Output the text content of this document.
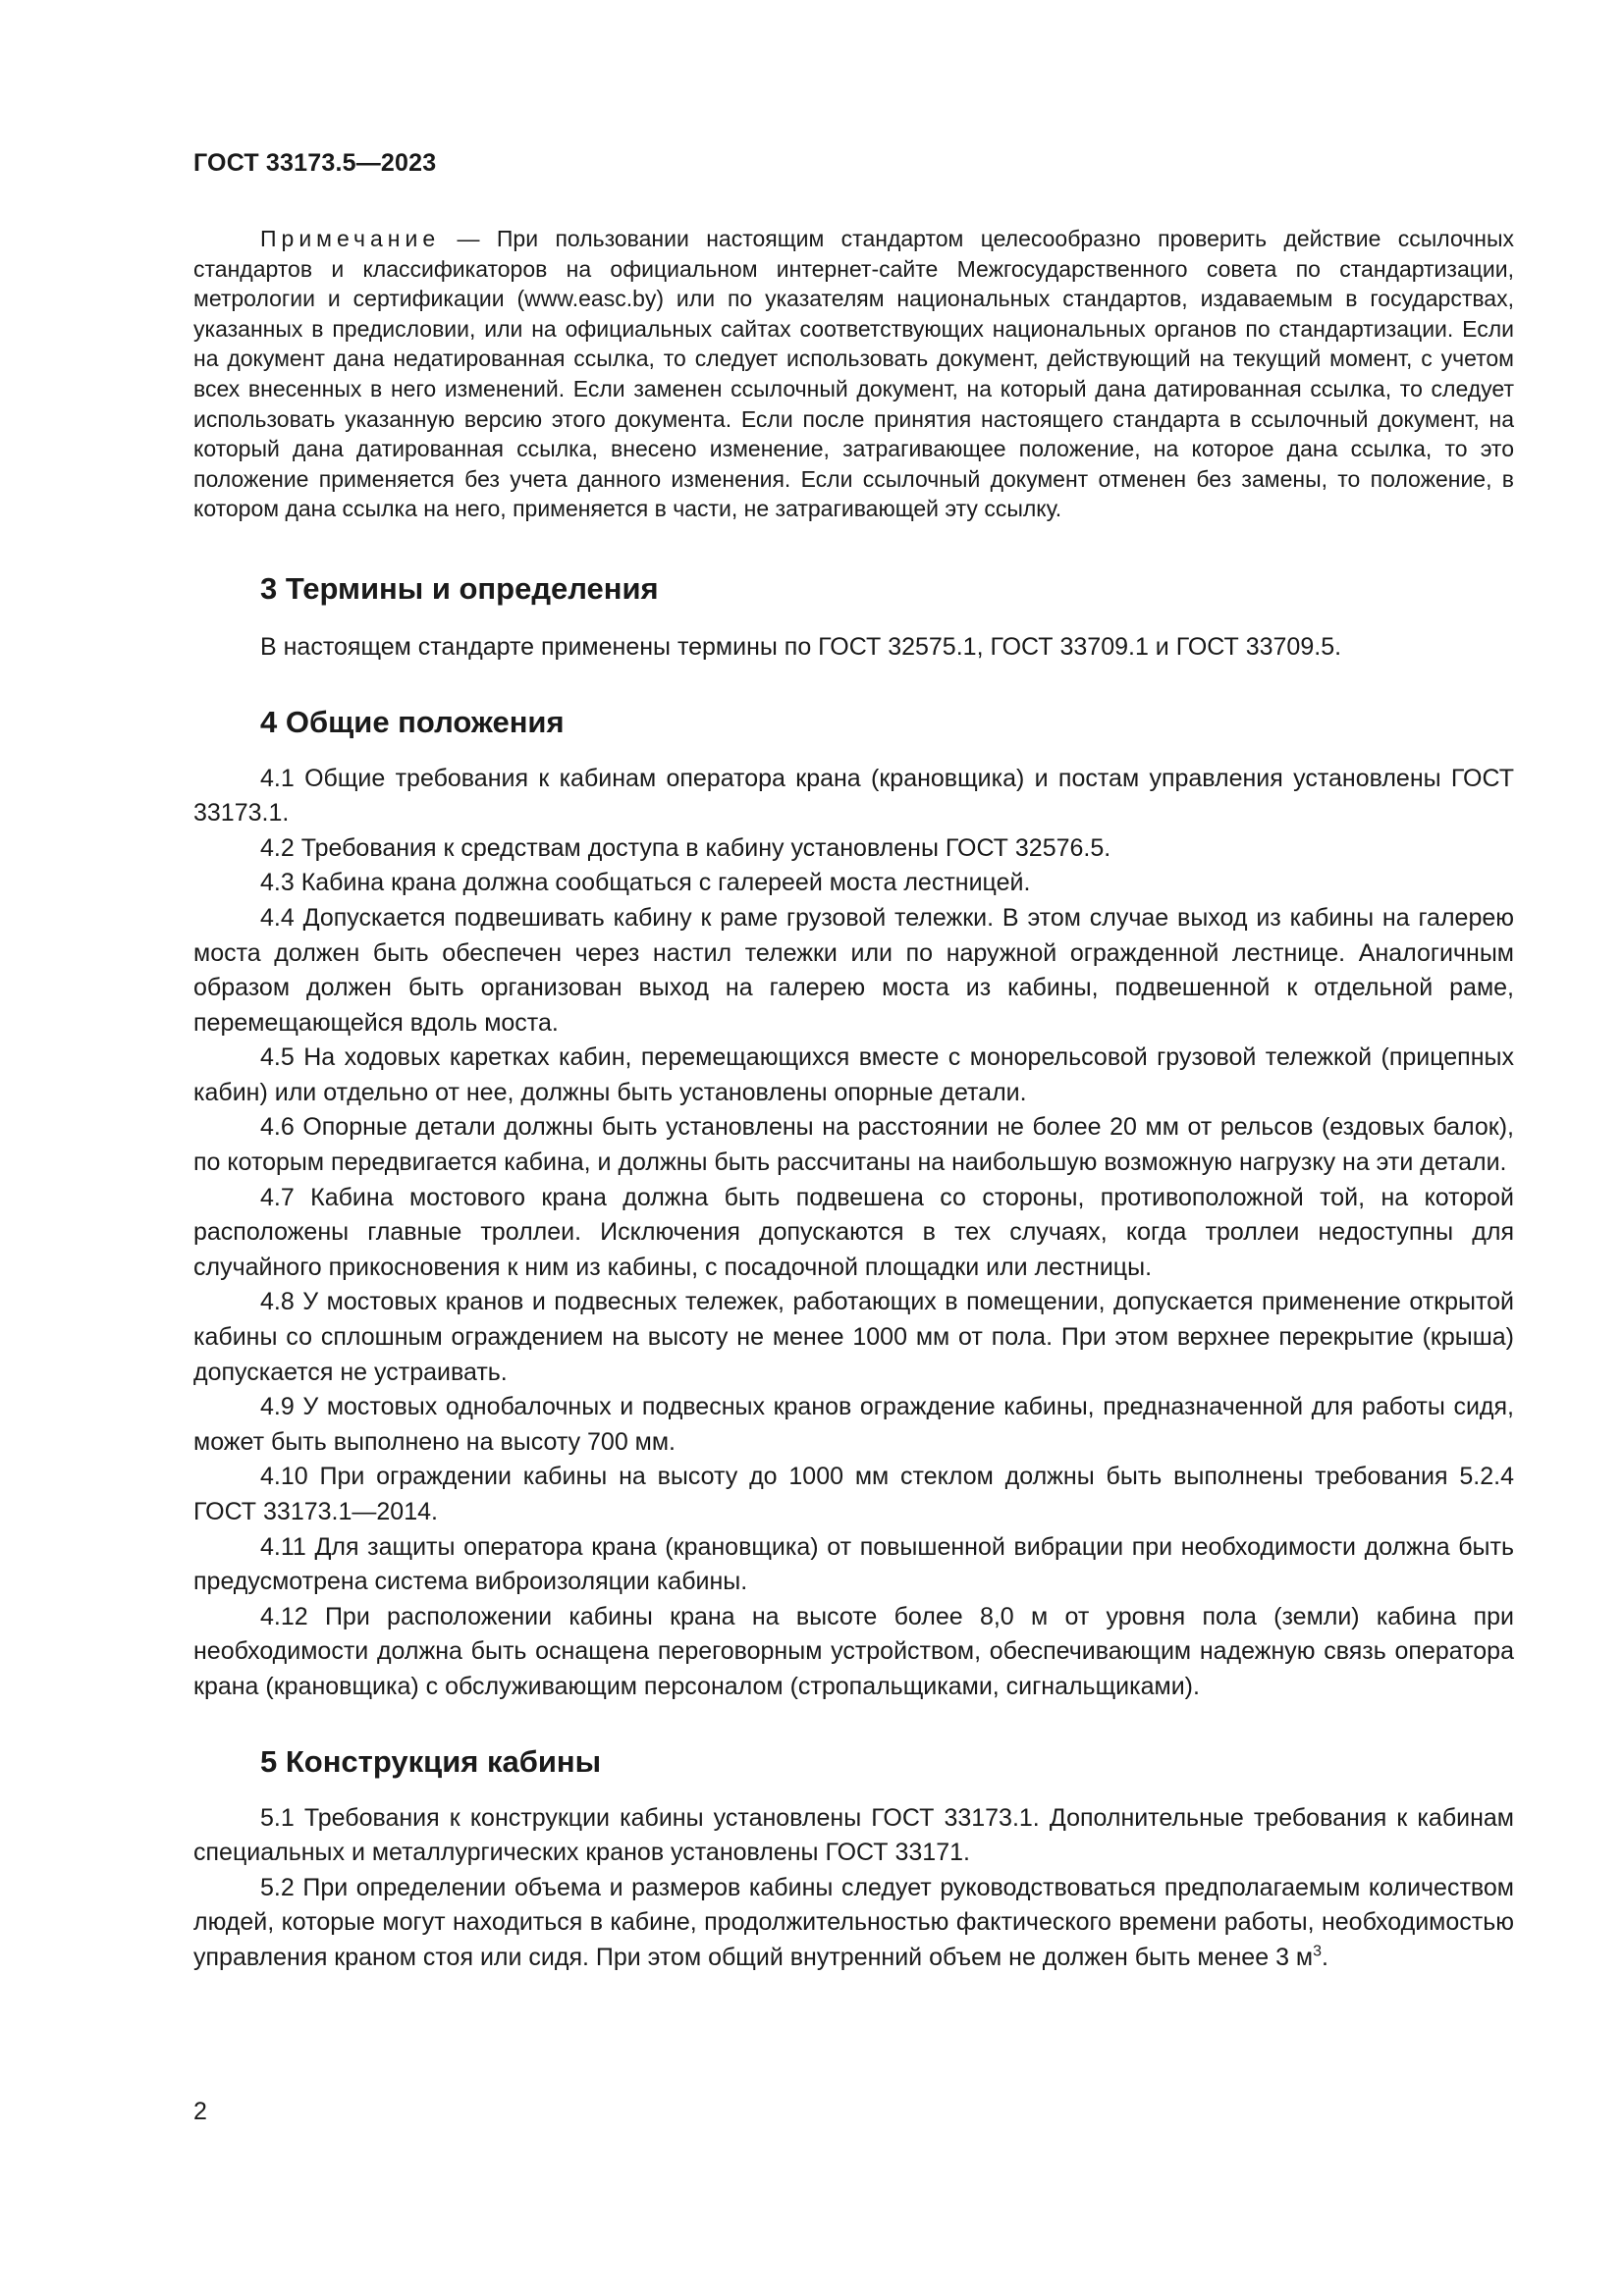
ГОСТ 33173.5—2023

Примечание — При пользовании настоящим стандартом целесообразно проверить действие ссылочных стандартов и классификаторов на официальном интернет-сайте Межгосударственного совета по стандартизации, метрологии и сертификации (www.easc.by) или по указателям национальных стандартов, издаваемым в государствах, указанных в предисловии, или на официальных сайтах соответствующих национальных органов по стандартизации. Если на документ дана недатированная ссылка, то следует использовать документ, действующий на текущий момент, с учетом всех внесенных в него изменений. Если заменен ссылочный документ, на который дана датированная ссылка, то следует использовать указанную версию этого документа. Если после принятия настоящего стандарта в ссылочный документ, на который дана датированная ссылка, внесено изменение, затрагивающее положение, на которое дана ссылка, то это положение применяется без учета данного изменения. Если ссылочный документ отменен без замены, то положение, в котором дана ссылка на него, применяется в части, не затрагивающей эту ссылку.

3 Термины и определения

В настоящем стандарте применены термины по ГОСТ 32575.1, ГОСТ 33709.1 и ГОСТ 33709.5.

4 Общие положения

4.1 Общие требования к кабинам оператора крана (крановщика) и постам управления установлены ГОСТ 33173.1.

4.2 Требования к средствам доступа в кабину установлены ГОСТ 32576.5.

4.3 Кабина крана должна сообщаться с галереей моста лестницей.

4.4 Допускается подвешивать кабину к раме грузовой тележки. В этом случае выход из кабины на галерею моста должен быть обеспечен через настил тележки или по наружной огражденной лестнице. Аналогичным образом должен быть организован выход на галерею моста из кабины, подвешенной к отдельной раме, перемещающейся вдоль моста.

4.5 На ходовых каретках кабин, перемещающихся вместе с монорельсовой грузовой тележкой (прицепных кабин) или отдельно от нее, должны быть установлены опорные детали.

4.6 Опорные детали должны быть установлены на расстоянии не более 20 мм от рельсов (ездовых балок), по которым передвигается кабина, и должны быть рассчитаны на наибольшую возможную нагрузку на эти детали.

4.7 Кабина мостового крана должна быть подвешена со стороны, противоположной той, на которой расположены главные троллеи. Исключения допускаются в тех случаях, когда троллеи недоступны для случайного прикосновения к ним из кабины, с посадочной площадки или лестницы.

4.8 У мостовых кранов и подвесных тележек, работающих в помещении, допускается применение открытой кабины со сплошным ограждением на высоту не менее 1000 мм от пола. При этом верхнее перекрытие (крыша) допускается не устраивать.

4.9 У мостовых однобалочных и подвесных кранов ограждение кабины, предназначенной для работы сидя, может быть выполнено на высоту 700 мм.

4.10 При ограждении кабины на высоту до 1000 мм стеклом должны быть выполнены требования 5.2.4 ГОСТ 33173.1—2014.

4.11 Для защиты оператора крана (крановщика) от повышенной вибрации при необходимости должна быть предусмотрена система виброизоляции кабины.

4.12 При расположении кабины крана на высоте более 8,0 м от уровня пола (земли) кабина при необходимости должна быть оснащена переговорным устройством, обеспечивающим надежную связь оператора крана (крановщика) с обслуживающим персоналом (стропальщиками, сигнальщиками).

5 Конструкция кабины

5.1 Требования к конструкции кабины установлены ГОСТ 33173.1. Дополнительные требования к кабинам специальных и металлургических кранов установлены ГОСТ 33171.

5.2 При определении объема и размеров кабины следует руководствоваться предполагаемым количеством людей, которые могут находиться в кабине, продолжительностью фактического времени работы, необходимостью управления краном стоя или сидя. При этом общий внутренний объем не должен быть менее 3 $м^3$.

2
